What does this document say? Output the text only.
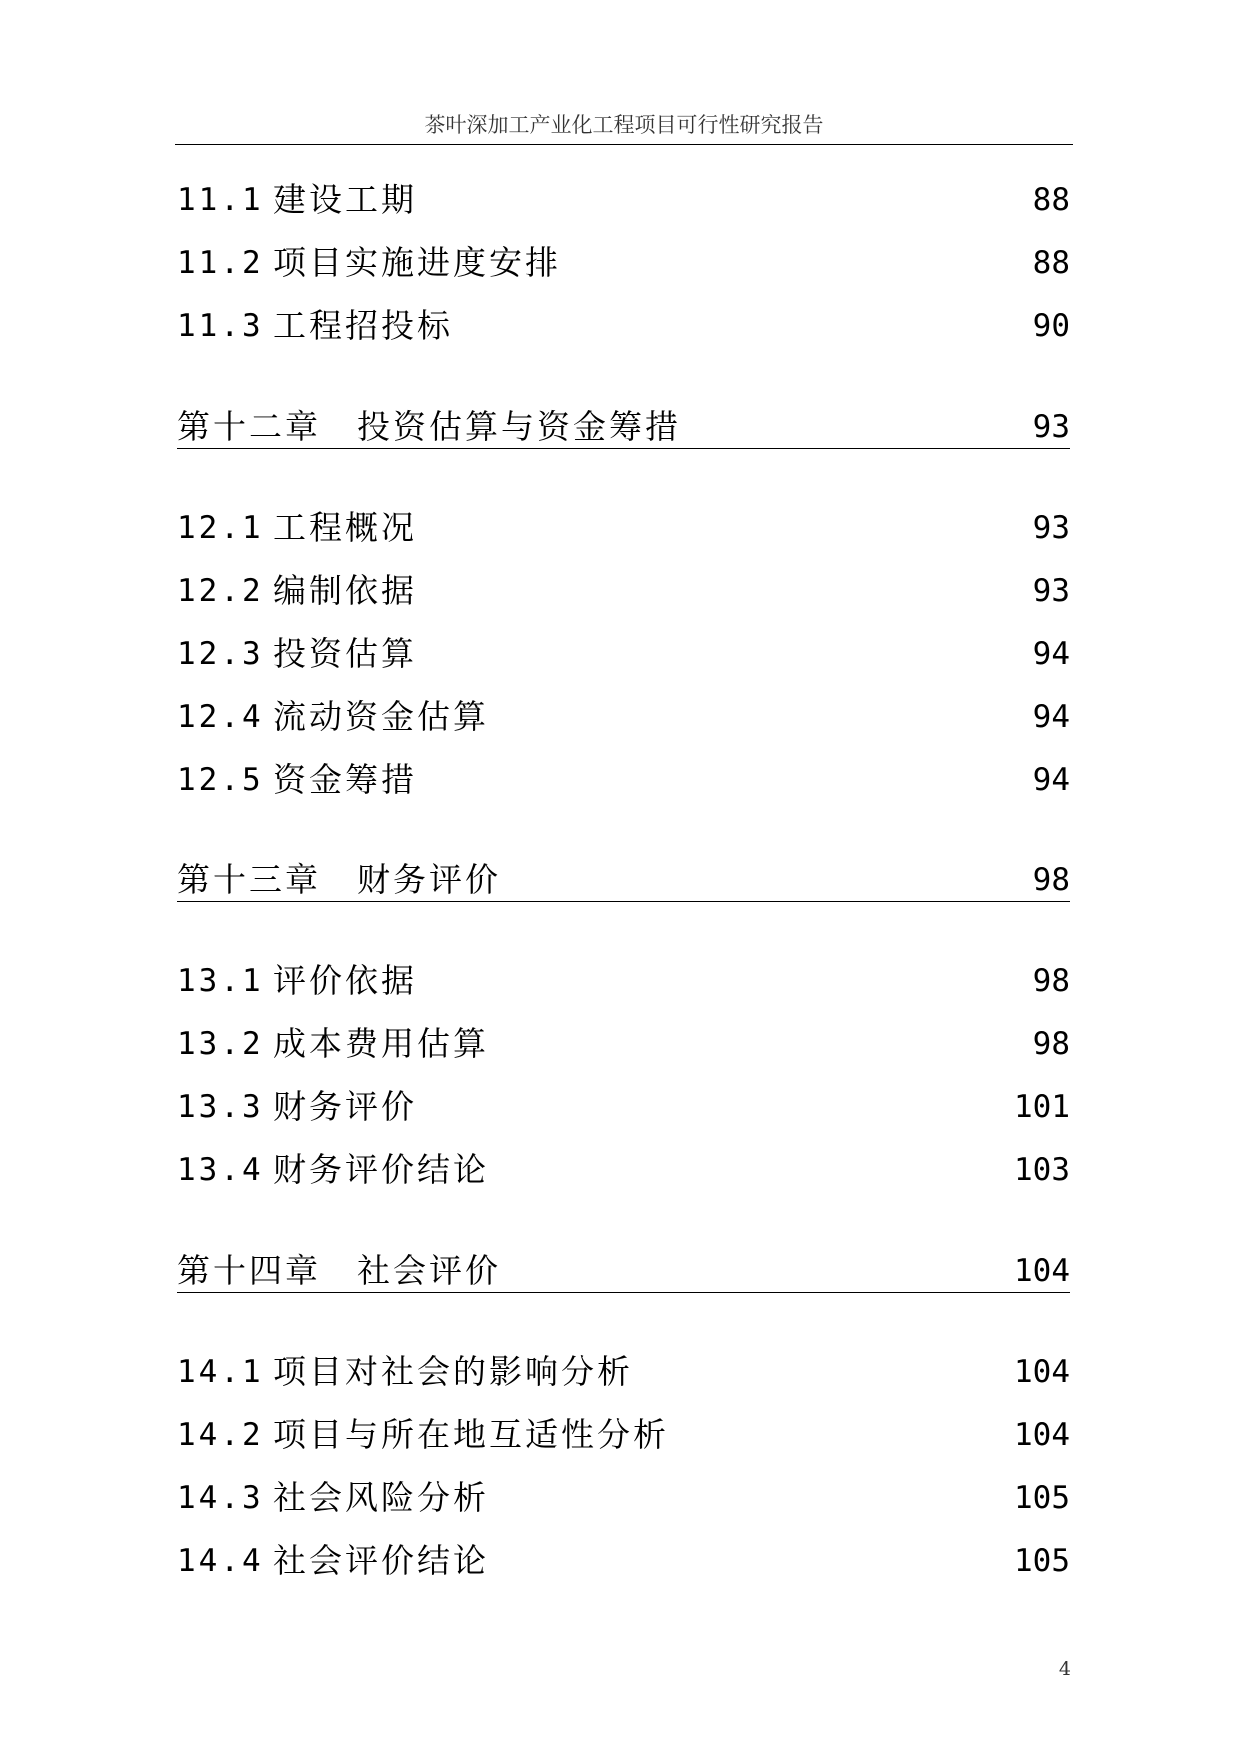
茶叶深加工产业化工程项目可行性研究报告
11.1 建设工期	88
11.2 项目实施进度安排	88
11.3 工程招投标	90
第十二章　投资估算与资金筹措	93
12.1 工程概况	93
12.2 编制依据	93
12.3 投资估算	94
12.4 流动资金估算	94
12.5 资金筹措	94
第十三章　财务评价	98
13.1 评价依据	98
13.2 成本费用估算	98
13.3 财务评价	101
13.4 财务评价结论	103
第十四章　社会评价	104
14.1 项目对社会的影响分析	104
14.2 项目与所在地互适性分析	104
14.3 社会风险分析	105
14.4 社会评价结论	105
4
